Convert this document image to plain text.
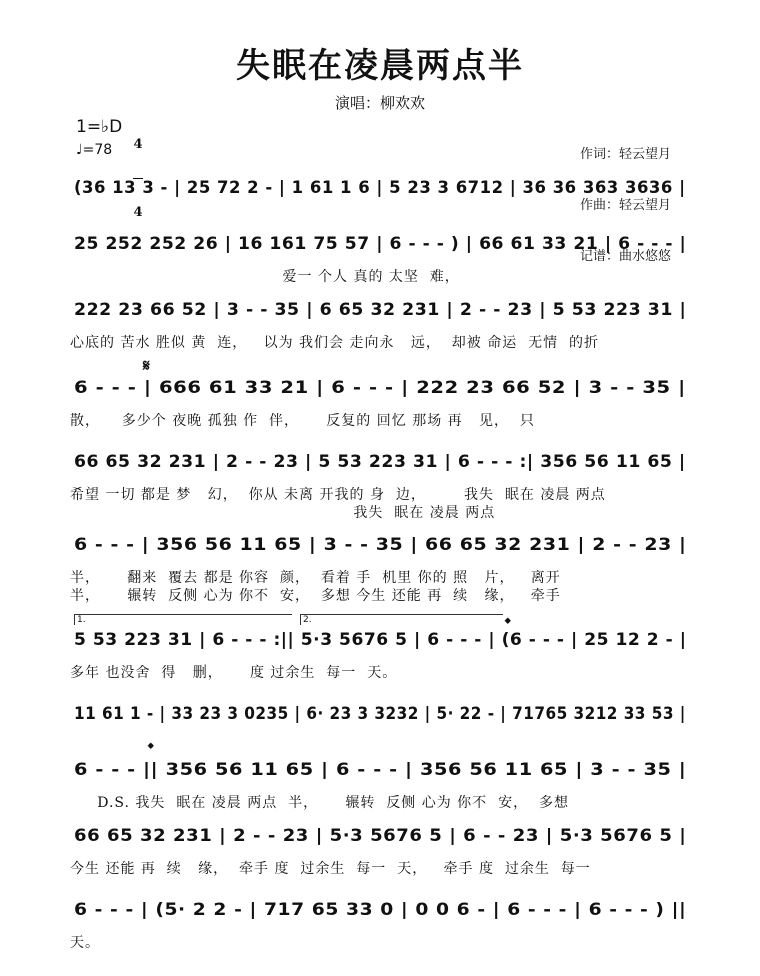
失眠在凌晨两点半
演唱：柳欢欢
1=♭D

4

4

♩=78

	作词：轻云望月

作曲：轻云望月

记谱：曲水悠悠

(36 13 3 - | 25 72 2 - | 1 61 1 6 | 5 23 3 6712 | 36 36 363 3636 |
25 252 252 26 | 16 161 75 57 | 6 - - - ) | 66 61 33 21 | 6 - - - |
爱一 个人 真的 太坚  难，
222 23 66 52 | 3 - - 35 | 6 65 32 231 | 2 - - 23 | 5 53 223 31 |
心底的 苦水 胜似 黄  连，   以为 我们会 走向永   远，  却被 命运  无情  的折
6 - - - | 666 61 33 21 | 6 - - - | 222 23 66 52 | 3 - - 35 |
散，    多少个 夜晚 孤独 作  伴，     反复的 回忆 那场 再   见，  只
66 65 32 231 | 2 - - 23 | 5 53 223 31 | 6 - - - :| 356 56 11 65 |
希望 一切 都是 梦   幻，  你从 未离 开我的 身  边，       我失  眠在 凌晨 两点
我失  眠在 凌晨 两点
6 - - - | 356 56 11 65 | 3 - - 35 | 66 65 32 231 | 2 - - 23 |
半，     翻来  覆去 都是 你容  颜，  看着 手  机里 你的 照   片，   离开
半，     辗转  反侧 心为 你不  安，  多想 今生 还能 再  续   缘，   牵手
5 53 223 31 | 6 - - - :|| 5·3 5676 5 | 6 - - - | (6 - - - | 25 12 2 - |
多年 也没舍  得   删，     度 过余生  每一  天。
11 61 1 - | 33 23 3 0235 | 6· 23 3 3232 | 5· 22 - | 71765 3212 33 53 |
6 - - - || 356 56 11 65 | 6 - - - | 356 56 11 65 | 3 - - 35 |
D.S. 我失  眠在 凌晨 两点  半，     辗转  反侧 心为 你不  安，  多想
66 65 32 231 | 2 - - 23 | 5·3 5676 5 | 6 - - 23 | 5·3 5676 5 |
今生 还能 再  续   缘，  牵手 度  过余生  每一  天，   牵手 度  过余生  每一
6 - - - | (5· 2 2 - | 717 65 33 0 | 0 0 6 - | 6 - - - | 6 - - - ) ||
天。
𝄋
𝄌
𝄌
1.	2.
